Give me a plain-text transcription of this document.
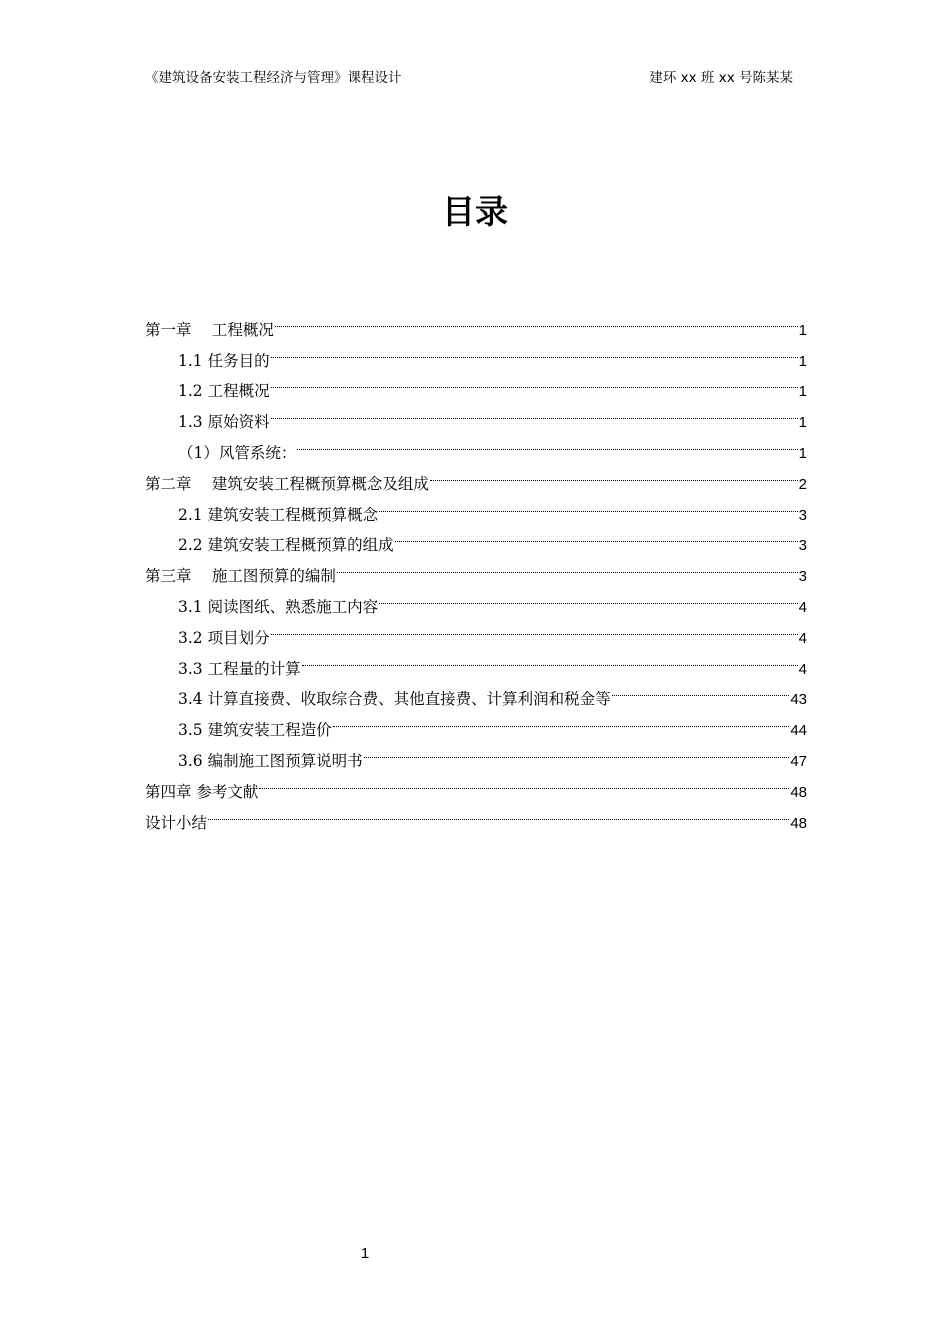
《建筑设备安装工程经济与管理》课程设计	建环 xx 班 xx 号陈某某
目录
第一章　 工程概况	1
1.1 任务目的	1
1.2 工程概况	1
1.3 原始资料	1
（1）风管系统：	1
第二章　 建筑安装工程概预算概念及组成	2
2.1 建筑安装工程概预算概念	3
2.2 建筑安装工程概预算的组成	3
第三章　 施工图预算的编制	3
3.1 阅读图纸、熟悉施工内容	4
3.2 项目划分	4
3.3 工程量的计算	4
3.4 计算直接费、收取综合费、其他直接费、计算利润和税金等	43
3.5 建筑安装工程造价	44
3.6 编制施工图预算说明书	47
第四章 参考文献	48
设计小结	48
1
